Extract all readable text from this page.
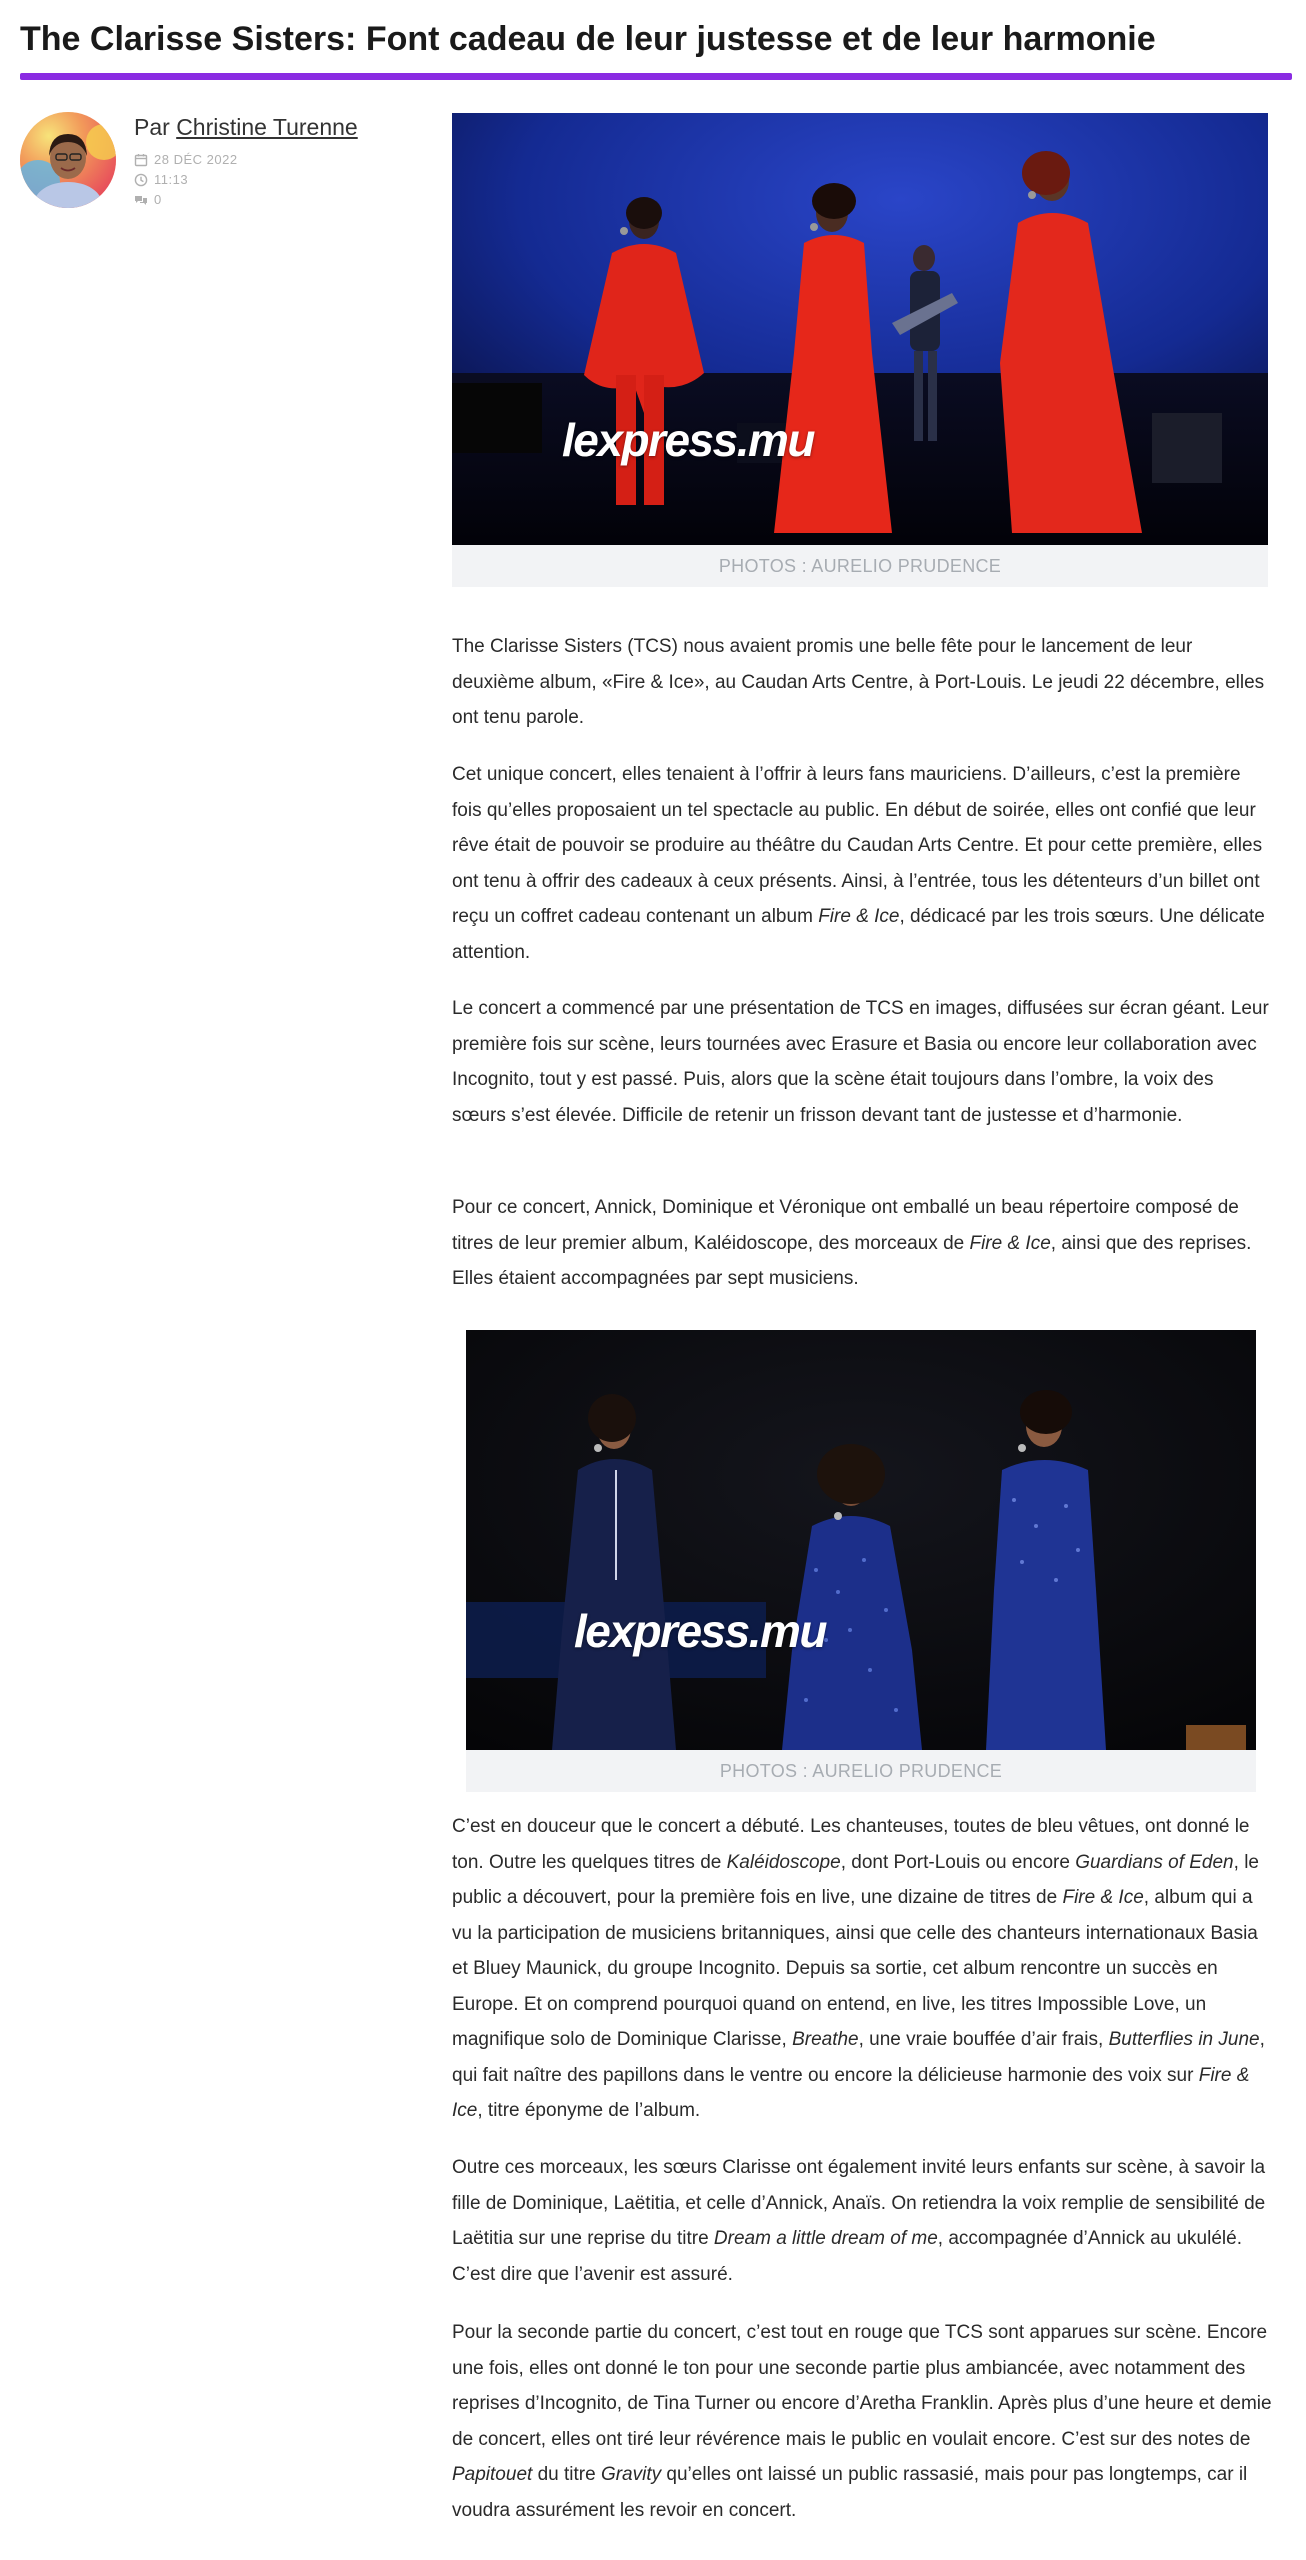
The Clarisse Sisters: Font cadeau de leur justesse et de leur harmonie
Par Christine Turenne
28 DÉC 2022
11:13
0
lexpress.mu
PHOTOS : AURELIO PRUDENCE

The Clarisse Sisters (TCS) nous avaient promis une belle fête pour le lancement de leur deuxième album, «Fire & Ice», au Caudan Arts Centre, à Port-Louis. Le jeudi 22 décembre, elles ont tenu parole.

Cet unique concert, elles tenaient à l’offrir à leurs fans mauriciens. D’ailleurs, c’est la première fois qu’elles proposaient un tel spectacle au public. En début de soirée, elles ont confié que leur rêve était de pouvoir se produire au théâtre du Caudan Arts Centre. Et pour cette première, elles ont tenu à offrir des cadeaux à ceux présents. Ainsi, à l’entrée, tous les détenteurs d’un billet ont reçu un coffret cadeau contenant un album Fire & Ice, dédicacé par les trois sœurs. Une délicate attention.

Le concert a commencé par une présentation de TCS en images, diffusées sur écran géant. Leur première fois sur scène, leurs tournées avec Erasure et Basia ou encore leur collaboration avec Incognito, tout y est passé. Puis, alors que la scène était toujours dans l’ombre, la voix des sœurs s’est élevée. Difficile de retenir un frisson devant tant de justesse et d’harmonie.

Pour ce concert, Annick, Dominique et Véronique ont emballé un beau répertoire composé de titres de leur premier album, Kaléidoscope, des morceaux de Fire & Ice, ainsi que des reprises. Elles étaient accompagnées par sept musiciens.

lexpress.mu
PHOTOS : AURELIO PRUDENCE

C’est en douceur que le concert a débuté. Les chanteuses, toutes de bleu vêtues, ont donné le ton. Outre les quelques titres de Kaléidoscope, dont Port-Louis ou encore Guardians of Eden, le public a découvert, pour la première fois en live, une dizaine de titres de Fire & Ice, album qui a vu la participation de musiciens britanniques, ainsi que celle des chanteurs internationaux Basia et Bluey Maunick, du groupe Incognito. Depuis sa sortie, cet album rencontre un succès en Europe. Et on comprend pourquoi quand on entend, en live, les titres Impossible Love, un magnifique solo de Dominique Clarisse, Breathe, une vraie bouffée d’air frais, Butterflies in June, qui fait naître des papillons dans le ventre ou encore la délicieuse harmonie des voix sur Fire & Ice, titre éponyme de l’album.

Outre ces morceaux, les sœurs Clarisse ont également invité leurs enfants sur scène, à savoir la fille de Dominique, Laëtitia, et celle d’Annick, Anaïs. On retiendra la voix remplie de sensibilité de Laëtitia sur une reprise du titre Dream a little dream of me, accompagnée d’Annick au ukulélé. C’est dire que l’avenir est assuré.

Pour la seconde partie du concert, c’est tout en rouge que TCS sont apparues sur scène. Encore une fois, elles ont donné le ton pour une seconde partie plus ambiancée, avec notamment des reprises d’Incognito, de Tina Turner ou encore d’Aretha Franklin. Après plus d’une heure et demie de concert, elles ont tiré leur révérence mais le public en voulait encore. C’est sur des notes de Papitouet du titre Gravity qu’elles ont laissé un public rassasié, mais pour pas longtemps, car il voudra assurément les revoir en concert.
